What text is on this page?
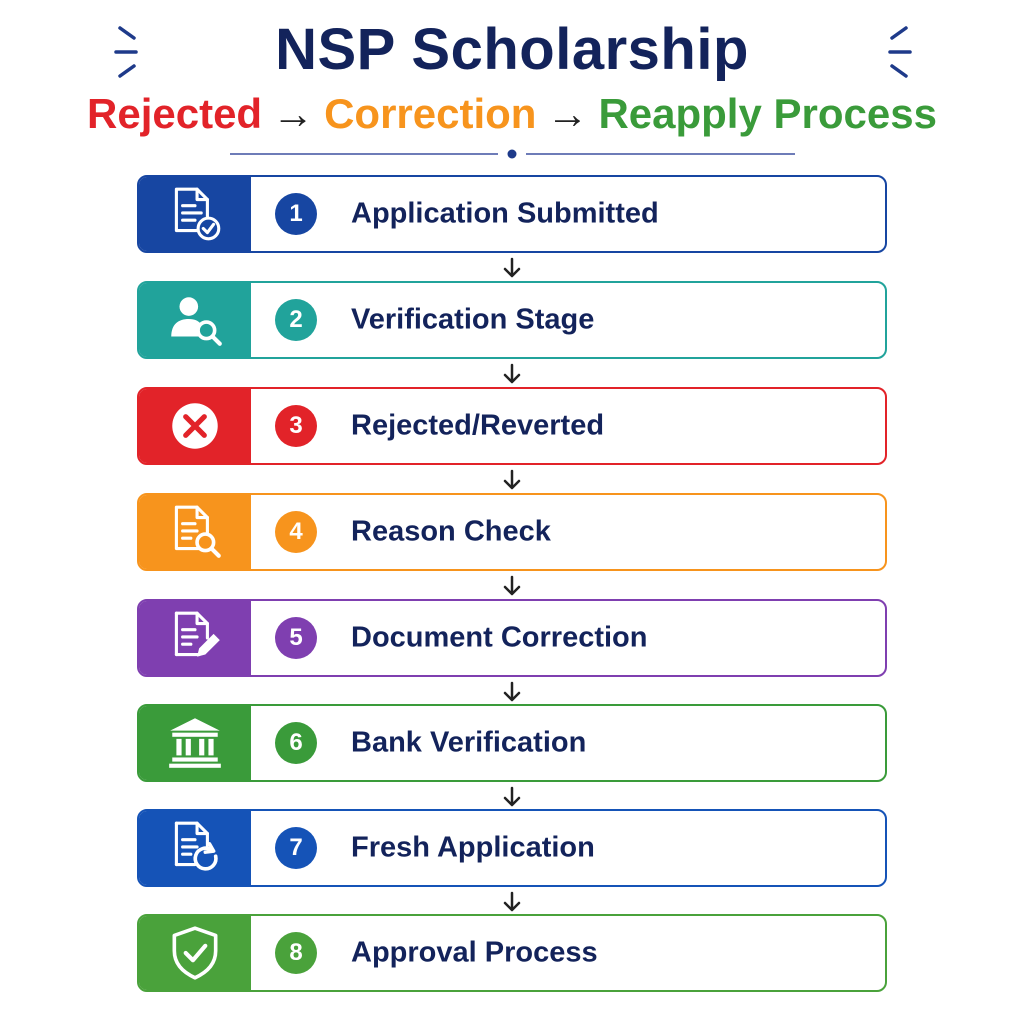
NSP Scholarship

Rejected → Correction → Reapply Process

1	Application Submitted
2	Verification Stage
3	Rejected/Reverted
4	Reason Check
5	Document Correction
6	Bank Verification
7	Fresh Application
8	Approval Process
